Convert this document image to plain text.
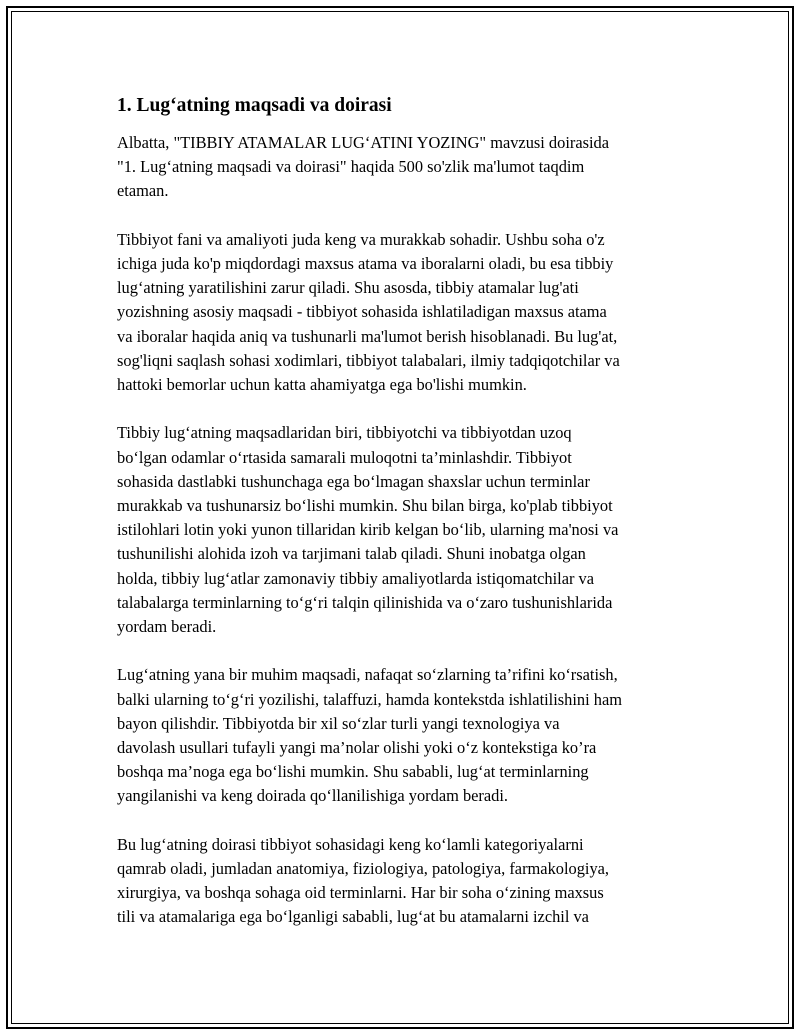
1. Lug‘atning maqsadi va doirasi

Albatta, "TIBBIY ATAMALAR LUG‘ATINI YOZING" mavzusi doirasida
"1. Lug‘atning maqsadi va doirasi" haqida 500 so'zlik ma'lumot taqdim
etaman.

Tibbiyot fani va amaliyoti juda keng va murakkab sohadir. Ushbu soha o'z
ichiga juda ko'p miqdordagi maxsus atama va iboralarni oladi, bu esa tibbiy
lug‘atning yaratilishini zarur qiladi. Shu asosda, tibbiy atamalar lug'ati
yozishning asosiy maqsadi - tibbiyot sohasida ishlatiladigan maxsus atama
va iboralar haqida aniq va tushunarli ma'lumot berish hisoblanadi. Bu lug'at,
sog'liqni saqlash sohasi xodimlari, tibbiyot talabalari, ilmiy tadqiqotchilar va
hattoki bemorlar uchun katta ahamiyatga ega bo'lishi mumkin.

Tibbiy lug‘atning maqsadlaridan biri, tibbiyotchi va tibbiyotdan uzoq
bo‘lgan odamlar o‘rtasida samarali muloqotni ta’minlashdir. Tibbiyot
sohasida dastlabki tushunchaga ega bo‘lmagan shaxslar uchun terminlar
murakkab va tushunarsiz bo‘lishi mumkin. Shu bilan birga, ko'plab tibbiyot
istilohlari lotin yoki yunon tillaridan kirib kelgan bo‘lib, ularning ma'nosi va
tushunilishi alohida izoh va tarjimani talab qiladi. Shuni inobatga olgan
holda, tibbiy lug‘atlar zamonaviy tibbiy amaliyotlarda istiqomatchilar va
talabalarga terminlarning to‘g‘ri talqin qilinishida va o‘zaro tushunishlarida
yordam beradi.

Lug‘atning yana bir muhim maqsadi, nafaqat so‘zlarning ta’rifini ko‘rsatish,
balki ularning to‘g‘ri yozilishi, talaffuzi, hamda kontekstda ishlatilishini ham
bayon qilishdir. Tibbiyotda bir xil so‘zlar turli yangi texnologiya va
davolash usullari tufayli yangi ma’nolar olishi yoki o‘z kontekstiga ko’ra
boshqa ma’noga ega bo‘lishi mumkin. Shu sababli, lug‘at terminlarning
yangilanishi va keng doirada qo‘llanilishiga yordam beradi.

Bu lug‘atning doirasi tibbiyot sohasidagi keng ko‘lamli kategoriyalarni
qamrab oladi, jumladan anatomiya, fiziologiya, patologiya, farmakologiya,
xirurgiya, va boshqa sohaga oid terminlarni. Har bir soha o‘zining maxsus
tili va atamalariga ega bo‘lganligi sababli, lug‘at bu atamalarni izchil va
